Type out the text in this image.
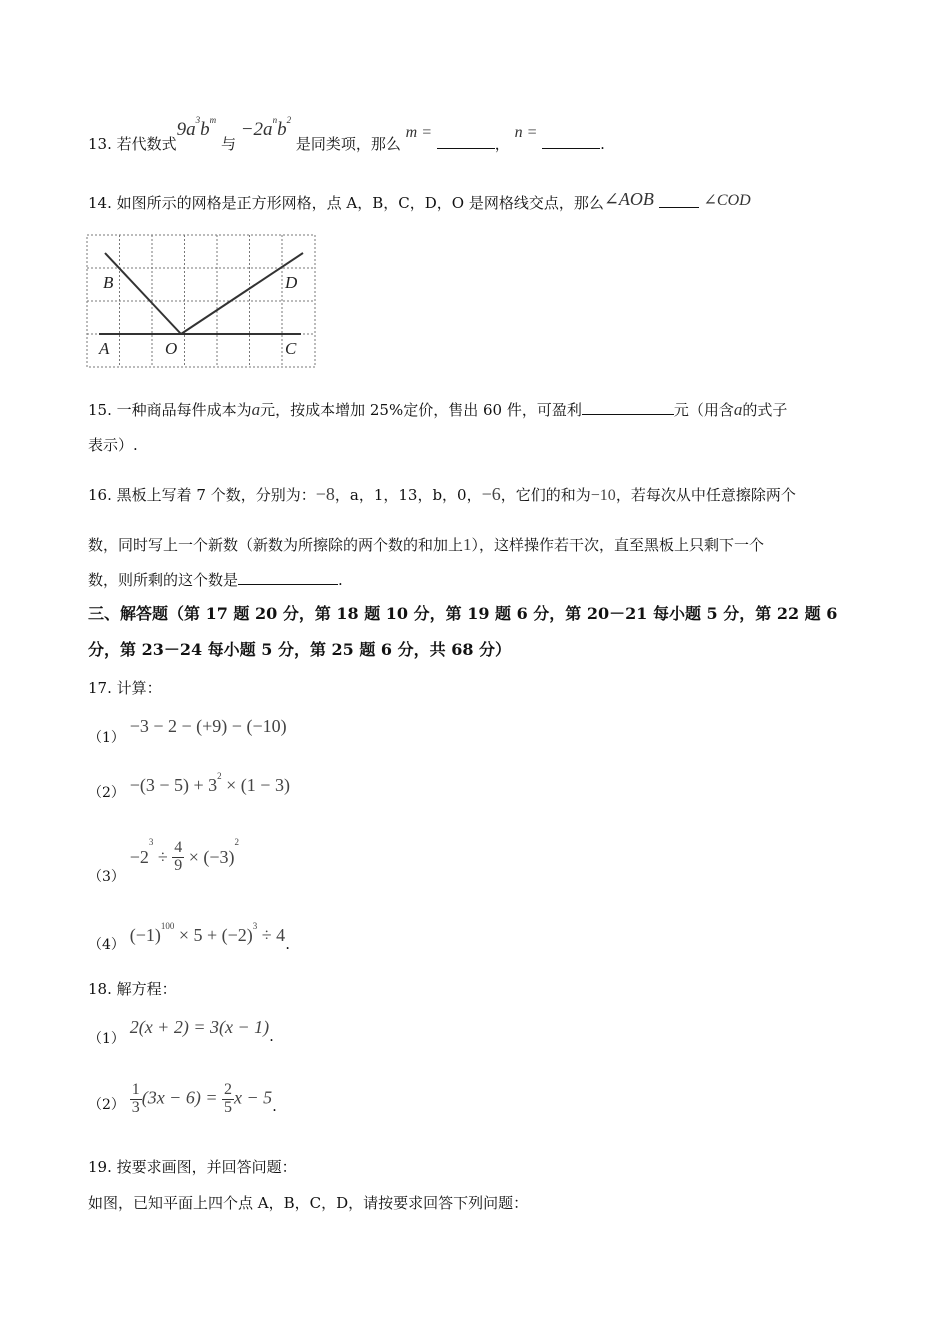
13. 若代数式$9a^3b^m$ 与 $-2a^nb^2$ 是同类项，那么 m = ， n = .
14. 如图所示的网格是正方形网格，点 A，B，C，D，O 是网格线交点，那么∠AOB	∠COD
B	D
A	O	C
15. 一种商品每件成本为a元，按成本增加 25%定价，售出 60 件，可盈利	元（用含a的式子
表示）.
16. 黑板上写着 7 个数，分别为：−8，a，1，13，b，0，−6，它们的和为−10，若每次从中任意擦除两个
数，同时写上一个新数（新数为所擦除的两个数的和加上1），这样操作若干次，直至黑板上只剩下一个
数，则所剩的这个数是	.
三、解答题（第 17 题 20 分，第 18 题 10 分，第 19 题 6 分，第 20－21 每小题 5 分，第 22 题 6
分，第 23－24 每小题 5 分，第 25 题 6 分，共 68 分）
17. 计算：
（1） −3 − 2 − (+9) − (−10)
$(2) -(3 - 5) + 3^2 \times (1 - 3)$
$(3) -2^3 \div \frac{4}{9} \times (-3)^2$
（4） $(-1)^{100} \times 5 + (-2)^3 \div 4$.
18. 解方程：
（1） 2(x + 2) = 3(x − 1).
$(2) \frac{1}{3} (3x - 6) = \frac{2}{5}$ x − 5.
19. 按要求画图，并回答问题：
如图，已知平面上四个点 A，B，C，D，请按要求回答下列问题：
